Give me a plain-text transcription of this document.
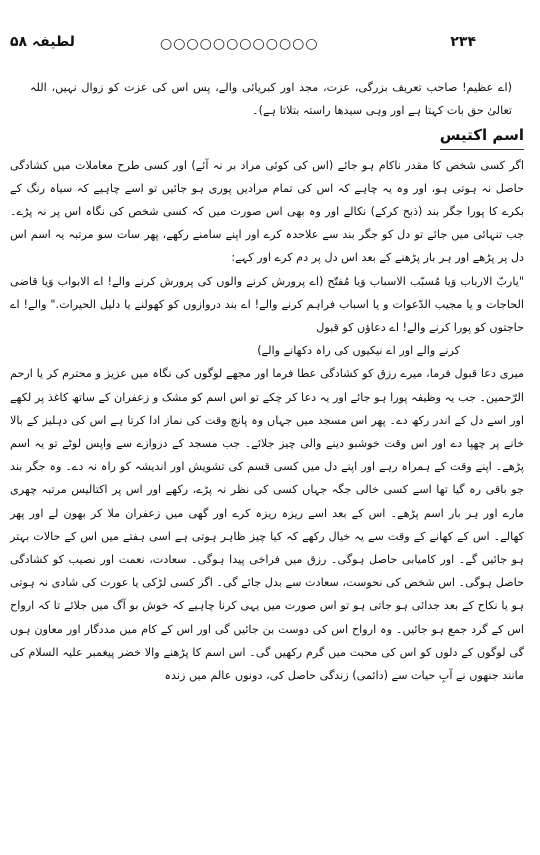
لطیفہ ۵۸	○○○○○○○○○○○○	۲۳۴

(اے عظیم! صاحب تعریف بزرگی، عزت، مجد اور کبریائی والے، پس اس کی عزت کو زوال نہیں، اللہ تعالیٰ حق بات کہتا ہے اور وہی سیدھا راستہ بتلاتا ہے)۔

اسم اکتیس

اگر کسی شخص کا مقدر ناکام ہو جائے (اس کی کوئی مراد بر نہ آئے) اور کسی طرح معاملات میں کشادگی حاصل نہ ہوتی ہو، اور وہ یہ چاہے کہ اس کی تمام مرادیں پوری ہو جائیں تو اسے چاہیے کہ سیاہ رنگ کے بکرے کا پورا جگر بند (ذبح کرکے) نکالے اور وہ بھی اس صورت میں کہ کسی شخص کی نگاہ اس پر نہ پڑے۔ جب تنہائی میں جائے تو دل کو جگر بند سے علاحدہ کرے اور اپنے سامنے رکھے، پھر سات سو مرتبہ یہ اسم اس دل پر پڑھے اور ہر بار پڑھنے کے بعد اس دل پر دم کرے اور کہے:

"یاربّ الارباب وَیا مُسبّب الاسباب وَیا مُفتّح (اے پرورش کرنے والوں کی پرورش کرنے والے! اے الابواب وَیا قاضی الحاجات و یا مجیب الدّعوات و یا اسباب فراہم کرنے والے! اے بند دروازوں کو کھولنے یا دلیل الحیرات." والے! اے حاجتوں کو پورا کرنے والے! اے دعاؤں کو قبول

کرنے والے اور اے نیکیوں کی راہ دکھانے والے)

میری دعا قبول فرما، میرے رزق کو کشادگی عطا فرما اور مجھے لوگوں کی نگاہ میں عزیز و محترم کر یا ارحم الرّحمین۔ جب یہ وظیفہ پورا ہو جائے اور یہ دعا کر چکے تو اس اسم کو مشک و زعفران کے ساتھ کاغذ پر لکھے اور اسے دل کے اندر رکھ دے۔ پھر اس مسجد میں جہاں وہ پانچ وقت کی نماز ادا کرتا ہے اس کی دہلیز کے بالا خانے پر چھپا دے اور اس وقت خوشبو دینے والی چیز جلائے۔ جب مسجد کے دروازے سے واپس لوٹے تو یہ اسم پڑھے۔ اپنے وقت کے ہمراہ رہے اور اپنے دل میں کسی قسم کی تشویش اور اندیشہ کو راہ نہ دے۔ وہ جگر بند جو باقی رہ گیا تھا اسے کسی خالی جگہ جہاں کسی کی نظر نہ پڑے، رکھے اور اس پر اکتالیس مرتبہ چھری مارے اور ہر بار اسم پڑھے۔ اس کے بعد اسے ریزہ ریزہ کرے اور گھی میں زعفران ملا کر بھون لے اور پھر کھالے۔ اس کے کھانے کے وقت سے یہ خیال رکھے کہ کیا چیز ظاہر ہوتی ہے اسی ہفتے میں اس کے حالات بہتر ہو جائیں گے۔ اور کامیابی حاصل ہوگی۔ رزق میں فراخی پیدا ہوگی۔ سعادت، نعمت اور نصیب کو کشادگی حاصل ہوگی۔ اس شخص کی نحوست، سعادت سے بدل جائے گی۔ اگر کسی لڑکی یا عورت کی شادی نہ ہوتی ہو یا نکاح کے بعد جدائی ہو جاتی ہو تو اس صورت میں یہی کرنا چاہیے کہ خوش بو آگ میں جلائے تا کہ ارواح اس کے گرد جمع ہو جائیں۔ وہ ارواح اس کی دوست بن جائیں گی اور اس کے کام میں مددگار اور معاون ہوں گی لوگوں کے دلوں کو اس کی محبت میں گرم رکھیں گی۔ اس اسم کا پڑھنے والا خضر پیغمبر علیہ السلام کی مانند جنھوں نے آبِ حیات سے (دائمی) زندگی حاصل کی، دونوں عالم میں زندہ
